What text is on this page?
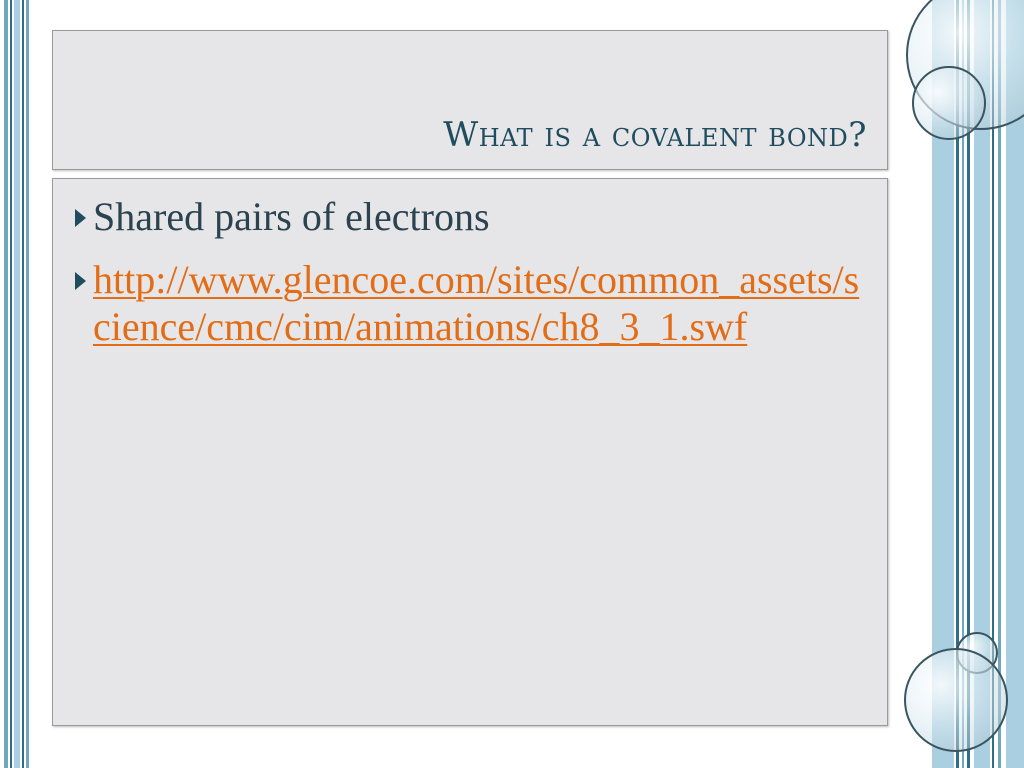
What is a covalent bond?
Shared pairs of electrons
http://www.glencoe.com/sites/common_assets/science/cmc/cim/animations/ch8_3_1.swf
